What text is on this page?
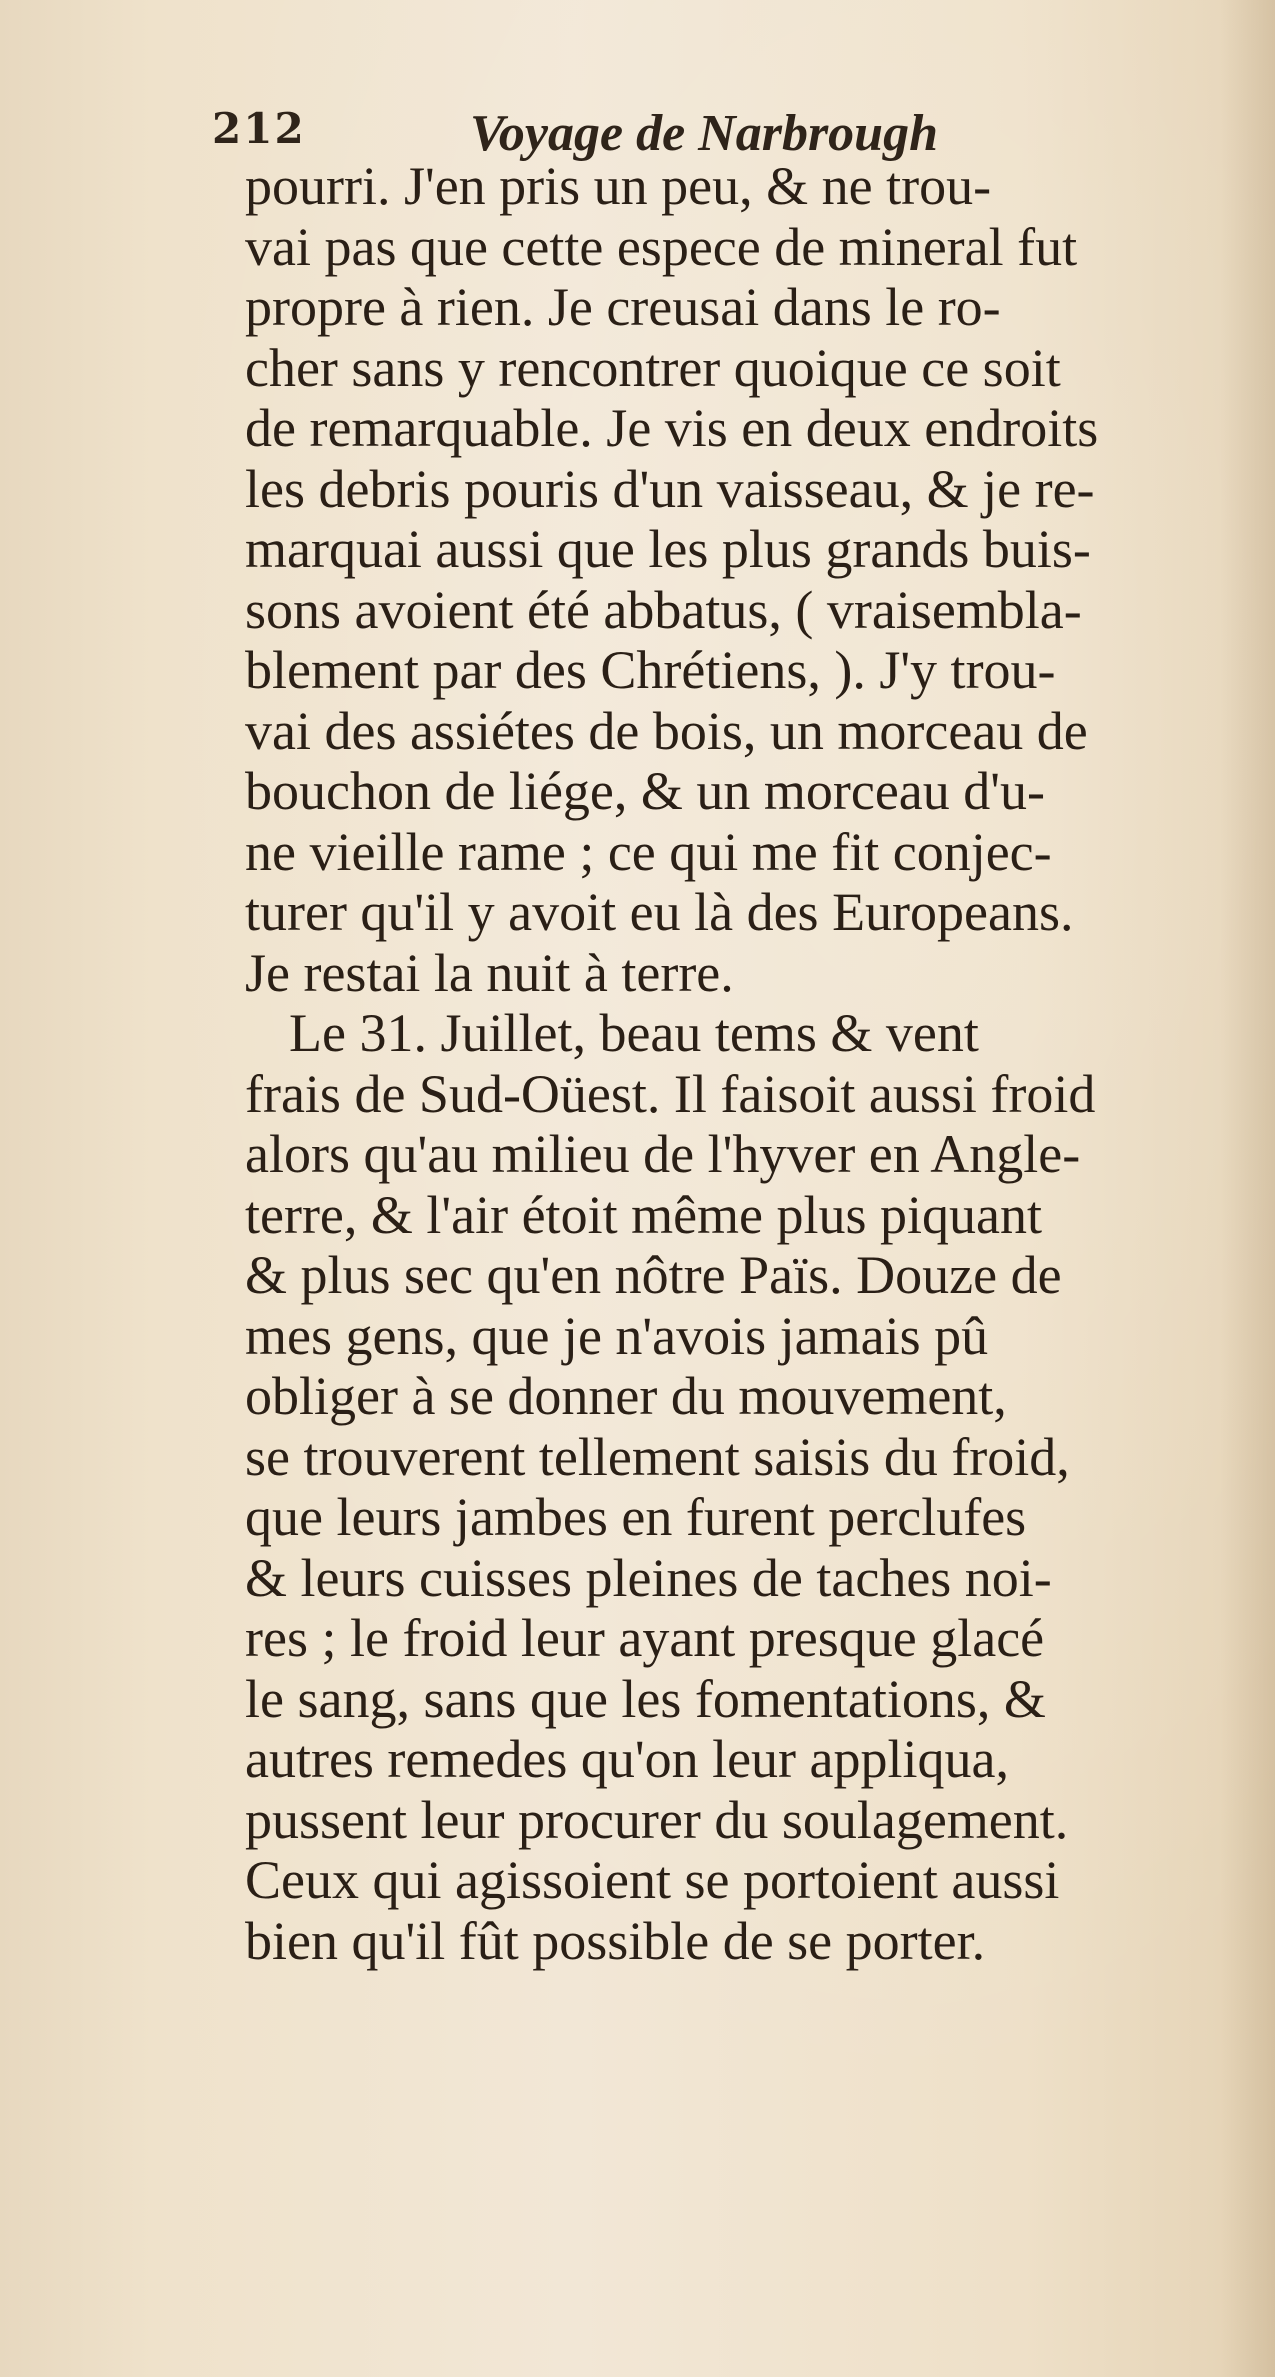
212	Voyage de Narbrough
pourri. J'en pris un peu, & ne trou-
vai pas que cette espece de mineral fut
propre à rien. Je creusai dans le ro-
cher sans y rencontrer quoique ce soit
de remarquable. Je vis en deux endroits
les debris pouris d'un vaisseau, & je re-
marquai aussi que les plus grands buis-
sons avoient été abbatus, ( vraisembla-
blement par des Chrétiens, ). J'y trou-
vai des assiétes de bois, un morceau de
bouchon de liége, & un morceau d'u-
ne vieille rame ; ce qui me fit conjec-
turer qu'il y avoit eu là des Europeans.
Je restai la nuit à terre.
Le 31. Juillet, beau tems & vent
frais de Sud-Oüest. Il faisoit aussi froid
alors qu'au milieu de l'hyver en Angle-
terre, & l'air étoit même plus piquant
& plus sec qu'en nôtre Païs. Douze de
mes gens, que je n'avois jamais pû
obliger à se donner du mouvement,
se trouverent tellement saisis du froid,
que leurs jambes en furent perclufes
& leurs cuisses pleines de taches noi-
res ; le froid leur ayant presque glacé
le sang, sans que les fomentations, &
autres remedes qu'on leur appliqua,
pussent leur procurer du soulagement.
Ceux qui agissoient se portoient aussi
bien qu'il fût possible de se porter.
